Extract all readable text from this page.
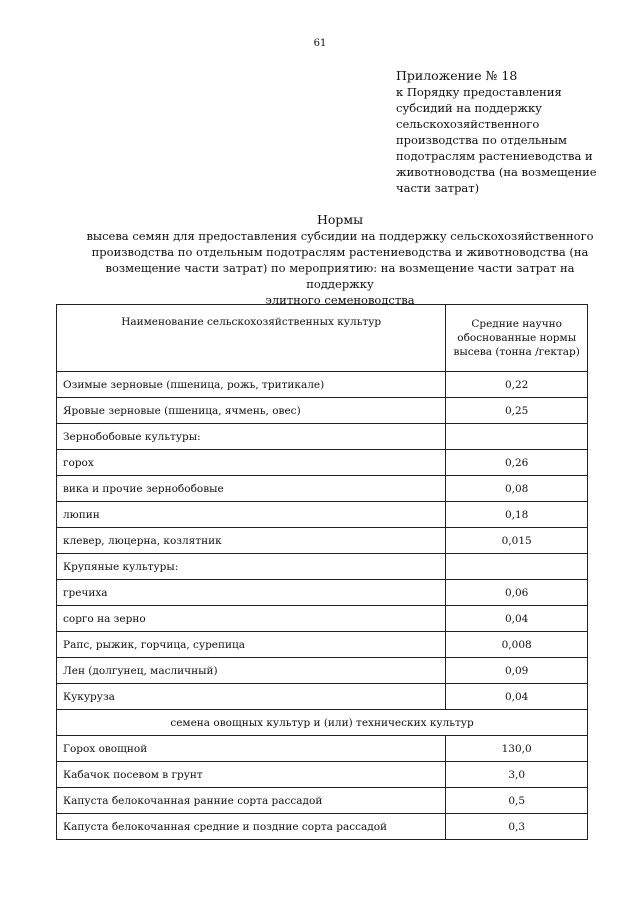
61
Приложение № 18
к Порядку предоставления
субсидий на поддержку
сельскохозяйственного
производства по отдельным
подотраслям растениеводства и
животноводства (на возмещение
части затрат)
Нормы
высева семян для предоставления субсидии на поддержку сельскохозяйственного
производства по отдельным подотраслям растениеводства и животноводства (на
возмещение части затрат) по мероприятию: на возмещение части затрат на поддержку
элитного семеноводства
Наименование сельскохозяйственных культур	Средние научно обоснованные нормы высева (тонна /гектар)
Озимые зерновые (пшеница, рожь, тритикале)	0,22
Яровые зерновые (пшеница, ячмень, овес)	0,25
Зернобобовые культуры:	
горох	0,26
вика и прочие зернобобовые	0,08
люпин	0,18
клевер, люцерна, козлятник	0,015
Крупяные культуры:	
гречиха	0,06
сорго на зерно	0,04
Рапс, рыжик, горчица, сурепица	0,008
Лен (долгунец, масличный)	0,09
Кукуруза	0,04
семена овощных культур и (или) технических культур	
Горох овощной	130,0
Кабачок посевом в грунт	3,0
Капуста белокочанная ранние сорта рассадой	0,5
Капуста белокочанная средние и поздние сорта рассадой	0,3
